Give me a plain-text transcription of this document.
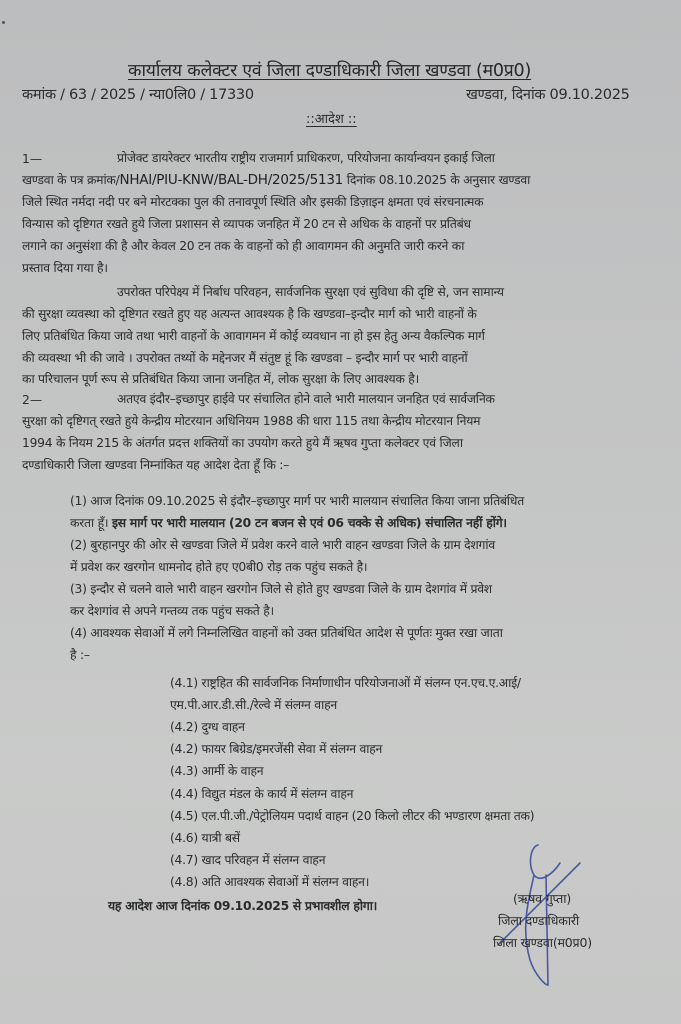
कार्यालय कलेक्टर एवं जिला दण्डाधिकारी जिला खण्डवा (म0प्र0)
कमांक / 63 / 2025 / न्या0लि0 / 17330	खण्डवा, दिनांक 09.10.2025
::आदेश ::
1—	प्रोजेक्ट डायरेक्टर भारतीय राष्ट्रीय राजमार्ग प्राधिकरण, परियोजना कार्यान्वयन इकाई जिला
खण्डवा के पत्र क्रमांक/NHAI/PIU-KNW/BAL-DH/2025/5131 दिनांक 08.10.2025 के अनुसार खण्डवा
जिले स्थित नर्मदा नदी पर बने मोरटक्का पुल की तनावपूर्ण स्थिति और इसकी डिज़ाइन क्षमता एवं संरचनात्मक
विन्यास को दृष्टिगत रखते हुये जिला प्रशासन से व्यापक जनहित में 20 टन से अधिक के वाहनों पर प्रतिबंध
लगाने का अनुसंशा की है और केवल 20 टन तक के वाहनों को ही आवागमन की अनुमति जारी करने का
प्रस्ताव दिया गया है।
उपरोक्त परिपेक्ष्य में निर्बाध परिवहन, सार्वजनिक सुरक्षा एवं सुविधा की दृष्टि से, जन सामान्य
की सुरक्षा व्यवस्था को दृष्टिगत रखते हुए यह अत्यन्त आवश्यक है कि खण्डवा–इन्दौर मार्ग को भारी वाहनों के
लिए प्रतिबंधित किया जावे तथा भारी वाहनों के आवागमन में कोई व्यवधान ना हो इस हेतु अन्य वैकल्पिक मार्ग
की व्यवस्था भी की जावे । उपरोक्त तथ्यों के मद्देनजर मैं संतुष्ट हूं कि खण्डवा – इन्दौर मार्ग पर भारी वाहनों
का परिचालन पूर्ण रूप से प्रतिबंधित किया जाना जनहित में, लोक सुरक्षा के लिए आवश्यक है।
2—	अतएव इंदौर–इच्छापुर हाईवे पर संचालित होने वाले भारी मालयान जनहित एवं सार्वजनिक
सुरक्षा को दृष्टिगत् रखते हुये केन्द्रीय मोटरयान अधिनियम 1988 की धारा 115 तथा केन्द्रीय मोटरयान नियम
1994 के नियम 215 के अंतर्गत प्रदत्त शक्तियों का उपयोग करते हुये मैं ऋषव गुप्ता कलेक्टर एवं जिला
दण्डाधिकारी जिला खण्डवा निम्नांकित यह आदेश देता हूँ कि :–
(1) आज दिनांक 09.10.2025 से इंदौर–इच्छापुर मार्ग पर भारी मालयान संचालित किया जाना प्रतिबंधित
करता हूँ। इस मार्ग पर भारी मालयान (20 टन बजन से एवं 06 चक्के से अधिक) संचालित नहीं होंगे।
(2) बुरहानपुर की ओर से खण्डवा जिले में प्रवेश करने वाले भारी वाहन खण्डवा जिले के ग्राम देशगांव
में प्रवेश कर खरगोन धामनोद होते हए ए0बी0 रोड़ तक पहुंच सकते है।
(3) इन्दौर से चलने वाले भारी वाहन खरगोन जिले से होते हुए खण्डवा जिले के ग्राम देशगांव में प्रवेश
कर देशगांव से अपने गन्तव्य तक पहुंच सकते है।
(4) आवश्यक सेवाओं में लगे निम्नलिखित वाहनों को उक्त प्रतिबंधित आदेश से पूर्णतः मुक्त रखा जाता
है :–
(4.1) राष्ट्रहित की सार्वजनिक निर्माणाधीन परियोजनाओं में संलग्न एन.एच.ए.आई/
एम.पी.आर.डी.सी./रेल्वे में संलग्न वाहन
(4.2) दुग्ध वाहन
(4.2) फायर बिग्रेड/इमरजेंसी सेवा में संलग्न वाहन
(4.3) आर्मी के वाहन
(4.4) विद्युत मंडल के कार्य में संलग्न वाहन
(4.5) एल.पी.जी./पेट्रोलियम पदार्थ वाहन (20 किलो लीटर की भण्डारण क्षमता तक)
(4.6) यात्री बसें
(4.7) खाद परिवहन में संलग्न वाहन
(4.8) अति आवश्यक सेवाओं में संलग्न वाहन।
यह आदेश आज दिनांक 09.10.2025 से प्रभावशील होगा।	(ऋषव गुप्ता)
जिला दण्डाधिकारी
जिला खण्डवा(म0प्र0)
